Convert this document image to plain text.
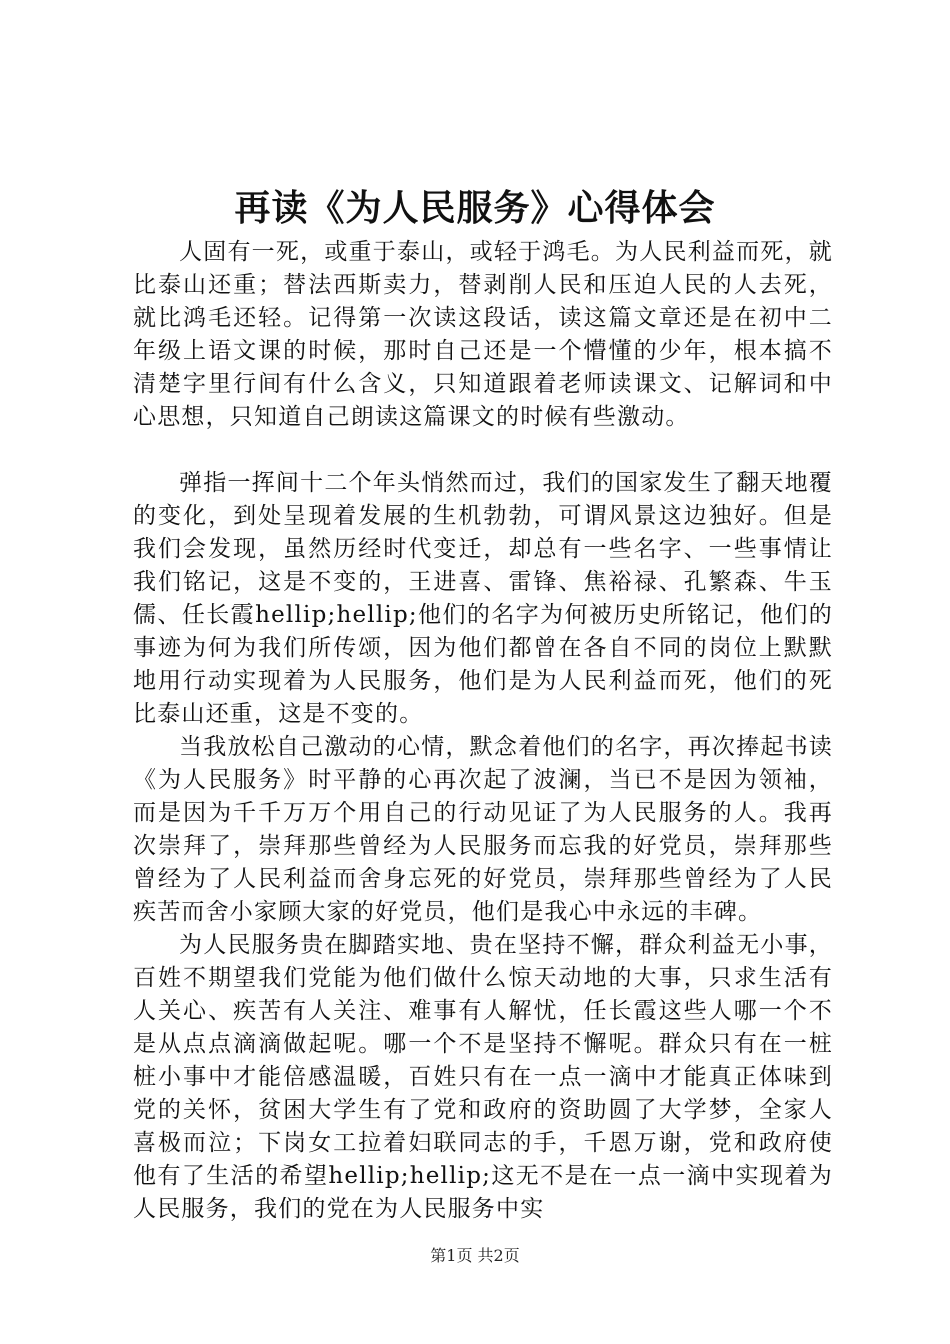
再读《为人民服务》心得体会

人固有一死，或重于泰山，或轻于鸿毛。为人民利益而死，就比泰山还重；替法西斯卖力，替剥削人民和压迫人民的人去死，就比鸿毛还轻。记得第一次读这段话，读这篇文章还是在初中二年级上语文课的时候，那时自己还是一个懵懂的少年，根本搞不清楚字里行间有什么含义，只知道跟着老师读课文、记解词和中心思想，只知道自己朗读这篇课文的时候有些激动。

弹指一挥间十二个年头悄然而过，我们的国家发生了翻天地覆的变化，到处呈现着发展的生机勃勃，可谓风景这边独好。但是我们会发现，虽然历经时代变迁，却总有一些名字、一些事情让我们铭记，这是不变的，王进喜、雷锋、焦裕禄、孔繁森、牛玉儒、任长霞hellip;hellip;他们的名字为何被历史所铭记，他们的事迹为何为我们所传颂，因为他们都曾在各自不同的岗位上默默地用行动实现着为人民服务，他们是为人民利益而死，他们的死比泰山还重，这是不变的。

当我放松自己激动的心情，默念着他们的名字，再次捧起书读《为人民服务》时平静的心再次起了波澜，当已不是因为领袖，而是因为千千万万个用自己的行动见证了为人民服务的人。我再次崇拜了，崇拜那些曾经为人民服务而忘我的好党员，崇拜那些曾经为了人民利益而舍身忘死的好党员，崇拜那些曾经为了人民疾苦而舍小家顾大家的好党员，他们是我心中永远的丰碑。

为人民服务贵在脚踏实地、贵在坚持不懈，群众利益无小事，百姓不期望我们党能为他们做什么惊天动地的大事，只求生活有人关心、疾苦有人关注、难事有人解忧，任长霞这些人哪一个不是从点点滴滴做起呢。哪一个不是坚持不懈呢。群众只有在一桩桩小事中才能倍感温暖，百姓只有在一点一滴中才能真正体味到党的关怀，贫困大学生有了党和政府的资助圆了大学梦，全家人喜极而泣；下岗女工拉着妇联同志的手，千恩万谢，党和政府使他有了生活的希望hellip;hellip;这无不是在一点一滴中实现着为人民服务，我们的党在为人民服务中实

第1页 共2页
